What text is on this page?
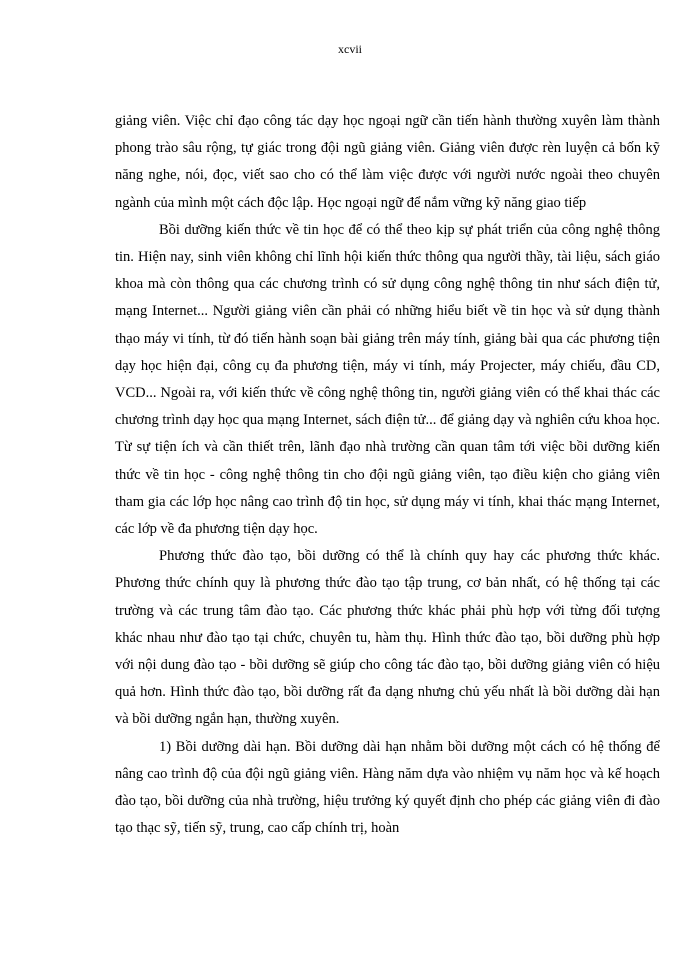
xcvii

giảng viên. Việc chỉ đạo công tác dạy học ngoại ngữ cần tiến hành thường xuyên làm thành phong trào sâu rộng, tự giác trong đội ngũ giảng viên. Giảng viên được rèn luyện cả bốn kỹ năng nghe, nói, đọc, viết sao cho có thể làm việc được với người nước ngoài theo chuyên ngành của mình một cách độc lập. Học ngoại ngữ để nắm vững kỹ năng giao tiếp

Bồi dưỡng kiến thức về tin học để có thể theo kịp sự phát triển của công nghệ thông tin. Hiện nay, sinh viên không chỉ lĩnh hội kiến thức thông qua người thầy, tài liệu, sách giáo khoa mà còn thông qua các chương trình có sử dụng công nghệ thông tin như sách điện tử, mạng Internet... Người giảng viên cần phải có những hiểu biết về tin học và sử dụng thành thạo máy vi tính, từ đó tiến hành soạn bài giảng trên máy tính, giảng bài qua các phương tiện dạy học hiện đại, công cụ đa phương tiện, máy vi tính, máy Projecter, máy chiếu, đầu CD, VCD... Ngoài ra, với kiến thức về công nghệ thông tin, người giảng viên có thể khai thác các chương trình dạy học qua mạng Internet, sách điện tử... để giảng dạy và nghiên cứu khoa học. Từ sự tiện ích và cần thiết trên, lãnh đạo nhà trường cần quan tâm tới việc bồi dưỡng kiến thức về tin học - công nghệ thông tin cho đội ngũ giảng viên, tạo điều kiện cho giảng viên tham gia các lớp học nâng cao trình độ tin học, sử dụng máy vi tính, khai thác mạng Internet, các lớp về đa phương tiện dạy học.

Phương thức đào tạo, bồi dưỡng có thể là chính quy hay các phương thức khác. Phương thức chính quy là phương thức đào tạo tập trung, cơ bản nhất, có hệ thống tại các trường và các trung tâm đào tạo. Các phương thức khác phải phù hợp với từng đối tượng khác nhau như đào tạo tại chức, chuyên tu, hàm thụ. Hình thức đào tạo, bồi dưỡng phù hợp với nội dung đào tạo - bồi dưỡng sẽ giúp cho công tác đào tạo, bồi dưỡng giảng viên có hiệu quả hơn. Hình thức đào tạo, bồi dưỡng rất đa dạng nhưng chủ yếu nhất là bồi dưỡng dài hạn và bồi dưỡng ngắn hạn, thường xuyên.

1) Bồi dưỡng dài hạn. Bồi dưỡng dài hạn nhằm bồi dưỡng một cách có hệ thống để nâng cao trình độ của đội ngũ giảng viên. Hàng năm dựa vào nhiệm vụ năm học và kế hoạch đào tạo, bồi dưỡng của nhà trường, hiệu trưởng ký quyết định cho phép các giảng viên đi đào tạo thạc sỹ, tiến sỹ, trung, cao cấp chính trị, hoàn
